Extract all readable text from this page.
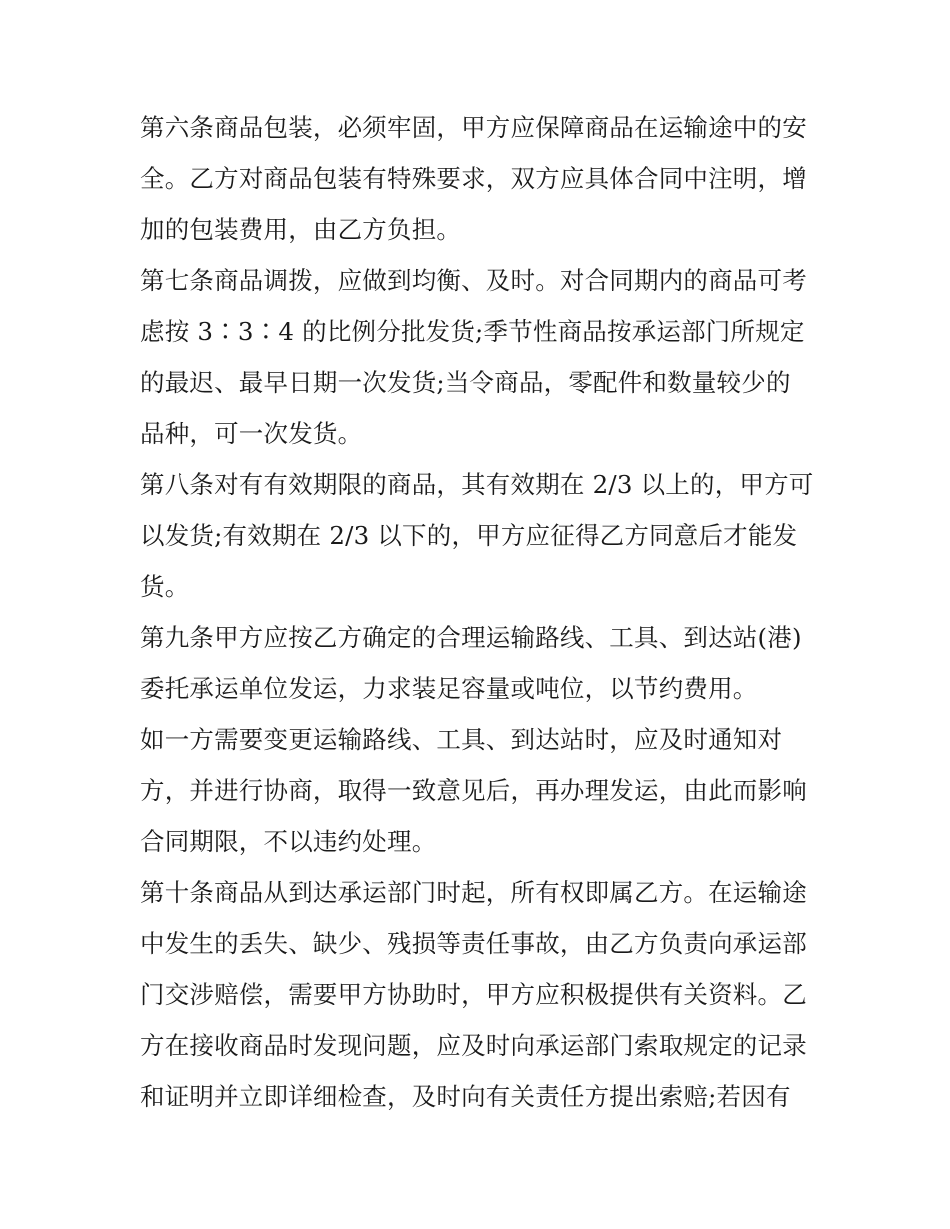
第六条商品包装，必须牢固，甲方应保障商品在运输途中的安
全。乙方对商品包装有特殊要求，双方应具体合同中注明，增
加的包装费用，由乙方负担。
第七条商品调拨，应做到均衡、及时。对合同期内的商品可考
虑按 3∶3∶4 的比例分批发货;季节性商品按承运部门所规定
的最迟、最早日期一次发货;当令商品，零配件和数量较少的
品种，可一次发货。
第八条对有有效期限的商品，其有效期在 2/3 以上的，甲方可
以发货;有效期在 2/3 以下的，甲方应征得乙方同意后才能发
货。
第九条甲方应按乙方确定的合理运输路线、工具、到达站(港)
委托承运单位发运，力求装足容量或吨位，以节约费用。
如一方需要变更运输路线、工具、到达站时，应及时通知对
方，并进行协商，取得一致意见后，再办理发运，由此而影响
合同期限，不以违约处理。
第十条商品从到达承运部门时起，所有权即属乙方。在运输途
中发生的丢失、缺少、残损等责任事故，由乙方负责向承运部
门交涉赔偿，需要甲方协助时，甲方应积极提供有关资料。乙
方在接收商品时发现问题，应及时向承运部门索取规定的记录
和证明并立即详细检查，及时向有关责任方提出索赔;若因有
